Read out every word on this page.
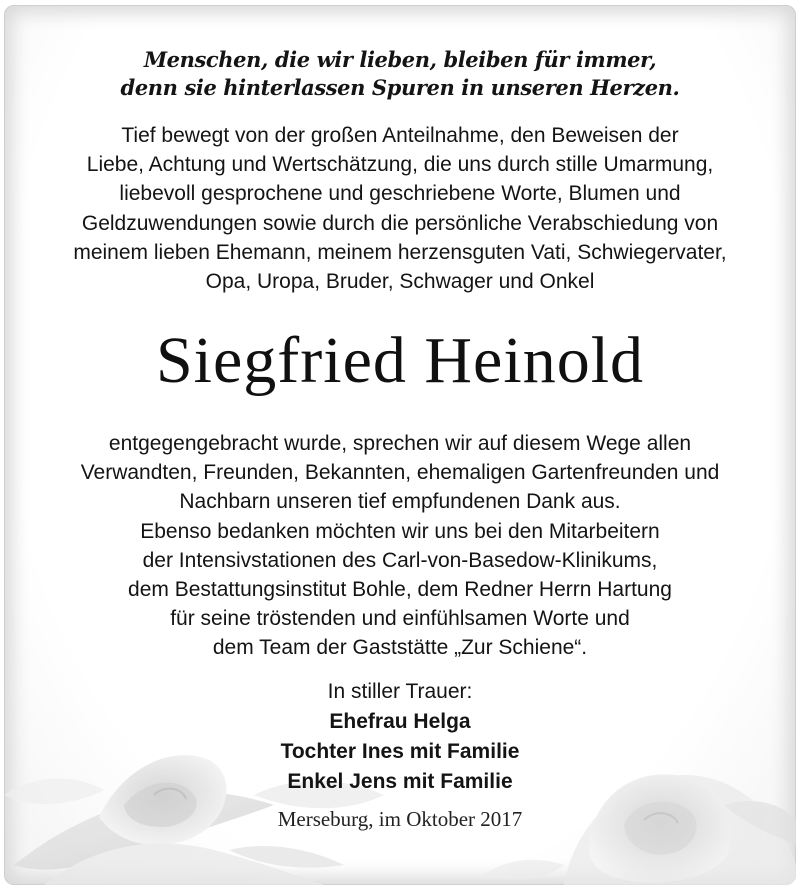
Menschen, die wir lieben, bleiben für immer,
denn sie hinterlassen Spuren in unseren Herzen.
Tief bewegt von der großen Anteilnahme, den Beweisen der
Liebe, Achtung und Wertschätzung, die uns durch stille Umarmung,
liebevoll gesprochene und geschriebene Worte, Blumen und
Geldzuwendungen sowie durch die persönliche Verabschiedung von
meinem lieben Ehemann, meinem herzensguten Vati, Schwiegervater,
Opa, Uropa, Bruder, Schwager und Onkel
Siegfried Heinold
entgegengebracht wurde, sprechen wir auf diesem Wege allen
Verwandten, Freunden, Bekannten, ehemaligen Gartenfreunden und
Nachbarn unseren tief empfundenen Dank aus.
Ebenso bedanken möchten wir uns bei den Mitarbeitern
der Intensivstationen des Carl-von-Basedow-Klinikums,
dem Bestattungsinstitut Bohle, dem Redner Herrn Hartung
für seine tröstenden und einfühlsamen Worte und
dem Team der Gaststätte „Zur Schiene“.
In stiller Trauer:
Ehefrau Helga
Tochter Ines mit Familie
Enkel Jens mit Familie
Merseburg, im Oktober 2017
